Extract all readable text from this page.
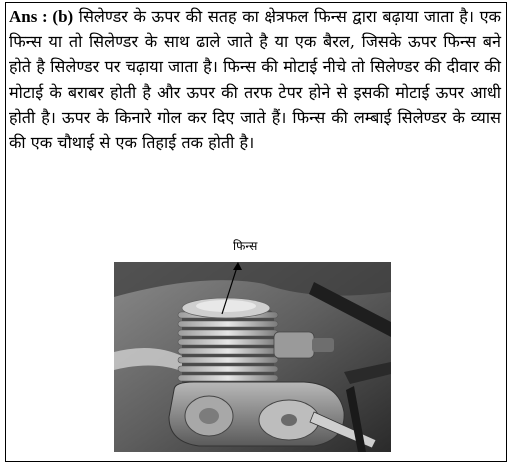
Ans : (b) सिलेण्डर के ऊपर की सतह का क्षेत्रफल फिन्स द्वारा बढ़ाया जाता है। एक फिन्स या तो सिलेण्डर के साथ ढाले जाते है या एक बैरल, जिसके ऊपर फिन्स बने होते है सिलेण्डर पर चढ़ाया जाता है। फिन्स की मोटाई नीचे तो सिलेण्डर की दीवार की मोटाई के बराबर होती है और ऊपर की तरफ टेपर होने से इसकी मोटाई ऊपर आधी होती है। ऊपर के किनारे गोल कर दिए जाते हैं। फिन्स की लम्बाई सिलेण्डर के व्यास की एक चौथाई से एक तिहाई तक होती है।

फिन्स
